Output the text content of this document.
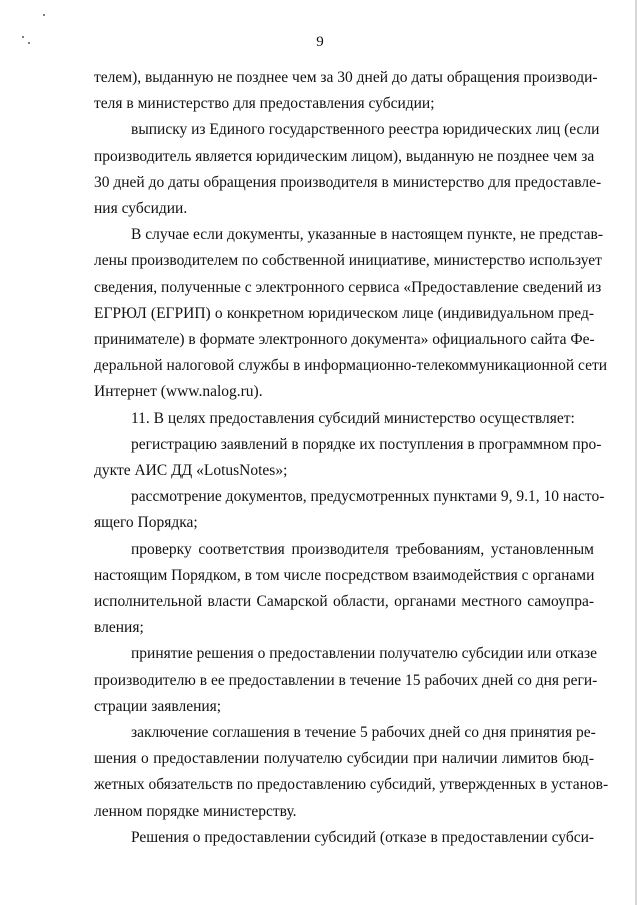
9
телем), выданную не позднее чем за 30 дней до даты обращения производи-
теля в министерство для предоставления субсидии;
выписку из Единого государственного реестра юридических лиц (если
производитель является юридическим лицом), выданную не позднее чем за
30 дней до даты обращения производителя в министерство для предоставле-
ния субсидии.
В случае если документы, указанные в настоящем пункте, не представ-
лены производителем по собственной инициативе, министерство использует
сведения, полученные с электронного сервиса «Предоставление сведений из
ЕГРЮЛ (ЕГРИП) о конкретном юридическом лице (индивидуальном пред-
принимателе) в формате электронного документа» официального сайта Фе-
деральной налоговой службы в информационно-телекоммуникационной сети
Интернет (www.nalog.ru).
11. В целях предоставления субсидий министерство осуществляет:
регистрацию заявлений в порядке их поступления в программном про-
дукте АИС ДД «LotusNotes»;
рассмотрение документов, предусмотренных пунктами 9, 9.1, 10 насто-
ящего Порядка;
проверку соответствия производителя требованиям, установленным
настоящим Порядком, в том числе посредством взаимодействия с органами
исполнительной власти Самарской области, органами местного самоупра-
вления;
принятие решения о предоставлении получателю субсидии или отказе
производителю в ее предоставлении в течение 15 рабочих дней со дня реги-
страции заявления;
заключение соглашения в течение 5 рабочих дней со дня принятия ре-
шения о предоставлении получателю субсидии при наличии лимитов бюд-
жетных обязательств по предоставлению субсидий, утвержденных в установ-
ленном порядке министерству.
Решения о предоставлении субсидий (отказе в предоставлении субси-
